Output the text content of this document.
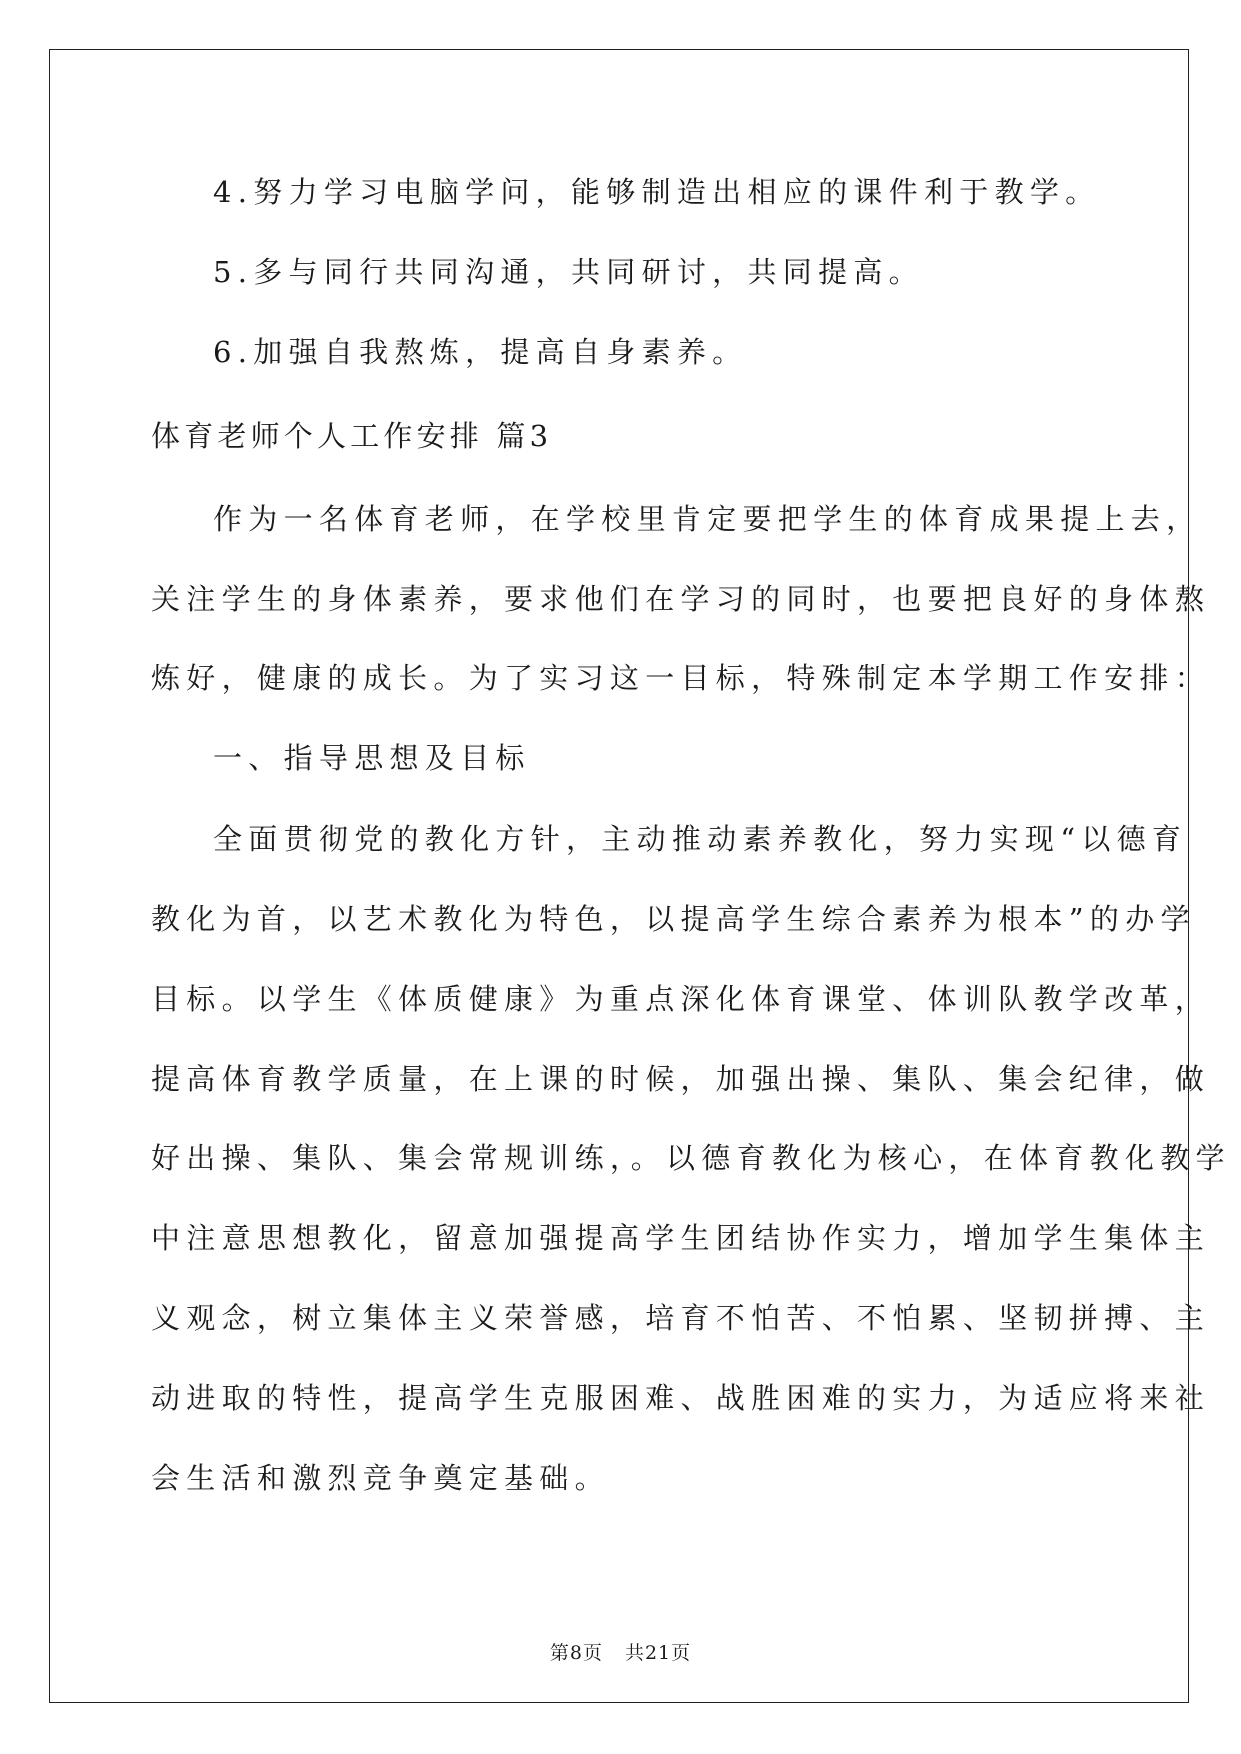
4.努力学习电脑学问，能够制造出相应的课件利于教学。
5.多与同行共同沟通，共同研讨，共同提高。
6.加强自我熬炼，提高自身素养。
体育老师个人工作安排 篇3
作为一名体育老师，在学校里肯定要把学生的体育成果提上去，
关注学生的身体素养，要求他们在学习的同时，也要把良好的身体熬
炼好，健康的成长。为了实习这一目标，特殊制定本学期工作安排：
一、指导思想及目标
全面贯彻党的教化方针，主动推动素养教化，努力实现“以德育
教化为首，以艺术教化为特色，以提高学生综合素养为根本”的办学
目标。以学生《体质健康》为重点深化体育课堂、体训队教学改革，
提高体育教学质量，在上课的时候，加强出操、集队、集会纪律，做
好出操、集队、集会常规训练，。以德育教化为核心，在体育教化教学
中注意思想教化，留意加强提高学生团结协作实力，增加学生集体主
义观念，树立集体主义荣誉感，培育不怕苦、不怕累、坚韧拼搏、主
动进取的特性，提高学生克服困难、战胜困难的实力，为适应将来社
会生活和激烈竞争奠定基础。
第8页 共21页
